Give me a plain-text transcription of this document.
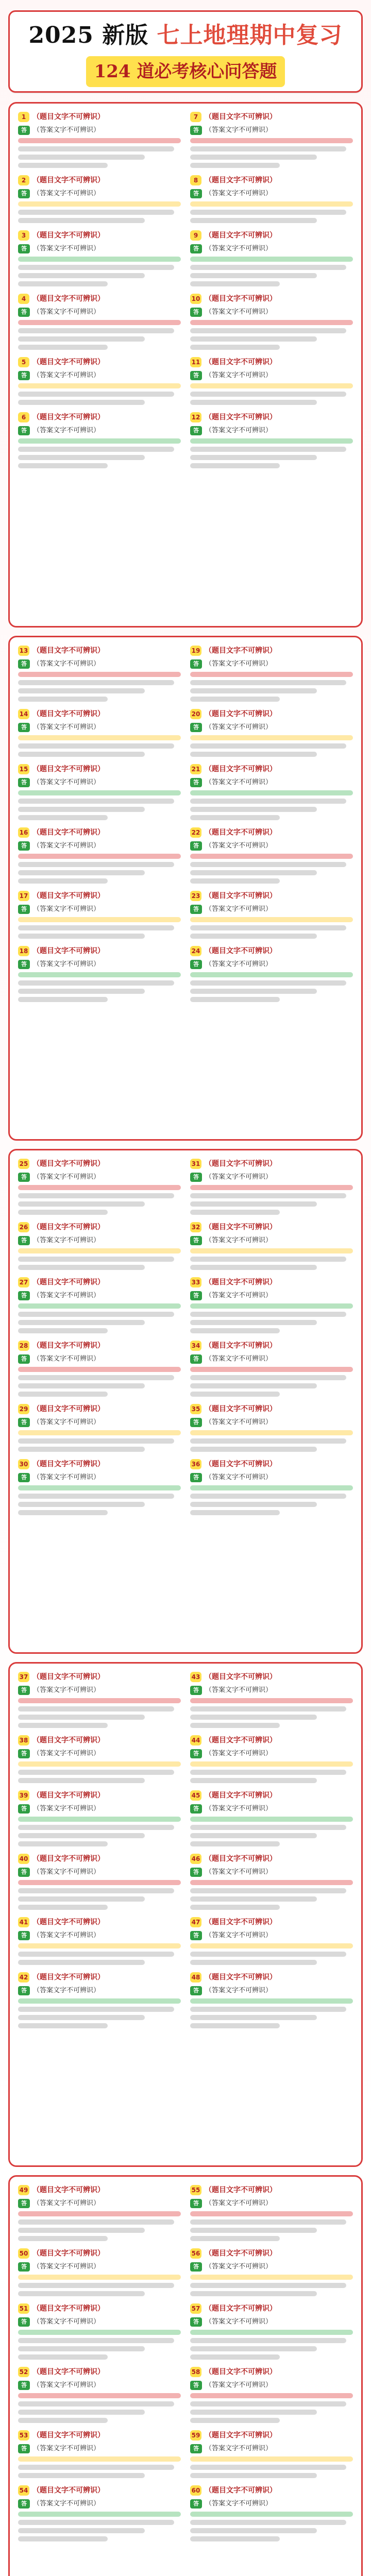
2025 新版 七上地理期中复习
124 道必考核心问答题
1 （题目文字不可辨识）
答 （答案文字不可辨识）
2 （题目文字不可辨识）
答 （答案文字不可辨识）
3 （题目文字不可辨识）
答 （答案文字不可辨识）
4 （题目文字不可辨识）
答 （答案文字不可辨识）
5 （题目文字不可辨识）
答 （答案文字不可辨识）
6 （题目文字不可辨识）
答 （答案文字不可辨识）
7 （题目文字不可辨识）
答 （答案文字不可辨识）
8 （题目文字不可辨识）
答 （答案文字不可辨识）
9 （题目文字不可辨识）
答 （答案文字不可辨识）
10 （题目文字不可辨识）
答 （答案文字不可辨识）
11 （题目文字不可辨识）
答 （答案文字不可辨识）
12 （题目文字不可辨识）
答 （答案文字不可辨识）
13 （题目文字不可辨识）
答 （答案文字不可辨识）
14 （题目文字不可辨识）
答 （答案文字不可辨识）
15 （题目文字不可辨识）
答 （答案文字不可辨识）
16 （题目文字不可辨识）
答 （答案文字不可辨识）
17 （题目文字不可辨识）
答 （答案文字不可辨识）
18 （题目文字不可辨识）
答 （答案文字不可辨识）
19 （题目文字不可辨识）
答 （答案文字不可辨识）
20 （题目文字不可辨识）
答 （答案文字不可辨识）
21 （题目文字不可辨识）
答 （答案文字不可辨识）
22 （题目文字不可辨识）
答 （答案文字不可辨识）
23 （题目文字不可辨识）
答 （答案文字不可辨识）
24 （题目文字不可辨识）
答 （答案文字不可辨识）
25 （题目文字不可辨识）
答 （答案文字不可辨识）
26 （题目文字不可辨识）
答 （答案文字不可辨识）
27 （题目文字不可辨识）
答 （答案文字不可辨识）
28 （题目文字不可辨识）
答 （答案文字不可辨识）
29 （题目文字不可辨识）
答 （答案文字不可辨识）
30 （题目文字不可辨识）
答 （答案文字不可辨识）
31 （题目文字不可辨识）
答 （答案文字不可辨识）
32 （题目文字不可辨识）
答 （答案文字不可辨识）
33 （题目文字不可辨识）
答 （答案文字不可辨识）
34 （题目文字不可辨识）
答 （答案文字不可辨识）
35 （题目文字不可辨识）
答 （答案文字不可辨识）
36 （题目文字不可辨识）
答 （答案文字不可辨识）
37 （题目文字不可辨识）
答 （答案文字不可辨识）
38 （题目文字不可辨识）
答 （答案文字不可辨识）
39 （题目文字不可辨识）
答 （答案文字不可辨识）
40 （题目文字不可辨识）
答 （答案文字不可辨识）
41 （题目文字不可辨识）
答 （答案文字不可辨识）
42 （题目文字不可辨识）
答 （答案文字不可辨识）
43 （题目文字不可辨识）
答 （答案文字不可辨识）
44 （题目文字不可辨识）
答 （答案文字不可辨识）
45 （题目文字不可辨识）
答 （答案文字不可辨识）
46 （题目文字不可辨识）
答 （答案文字不可辨识）
47 （题目文字不可辨识）
答 （答案文字不可辨识）
48 （题目文字不可辨识）
答 （答案文字不可辨识）
49 （题目文字不可辨识）
答 （答案文字不可辨识）
50 （题目文字不可辨识）
答 （答案文字不可辨识）
51 （题目文字不可辨识）
答 （答案文字不可辨识）
52 （题目文字不可辨识）
答 （答案文字不可辨识）
53 （题目文字不可辨识）
答 （答案文字不可辨识）
54 （题目文字不可辨识）
答 （答案文字不可辨识）
55 （题目文字不可辨识）
答 （答案文字不可辨识）
56 （题目文字不可辨识）
答 （答案文字不可辨识）
57 （题目文字不可辨识）
答 （答案文字不可辨识）
58 （题目文字不可辨识）
答 （答案文字不可辨识）
59 （题目文字不可辨识）
答 （答案文字不可辨识）
60 （题目文字不可辨识）
答 （答案文字不可辨识）
